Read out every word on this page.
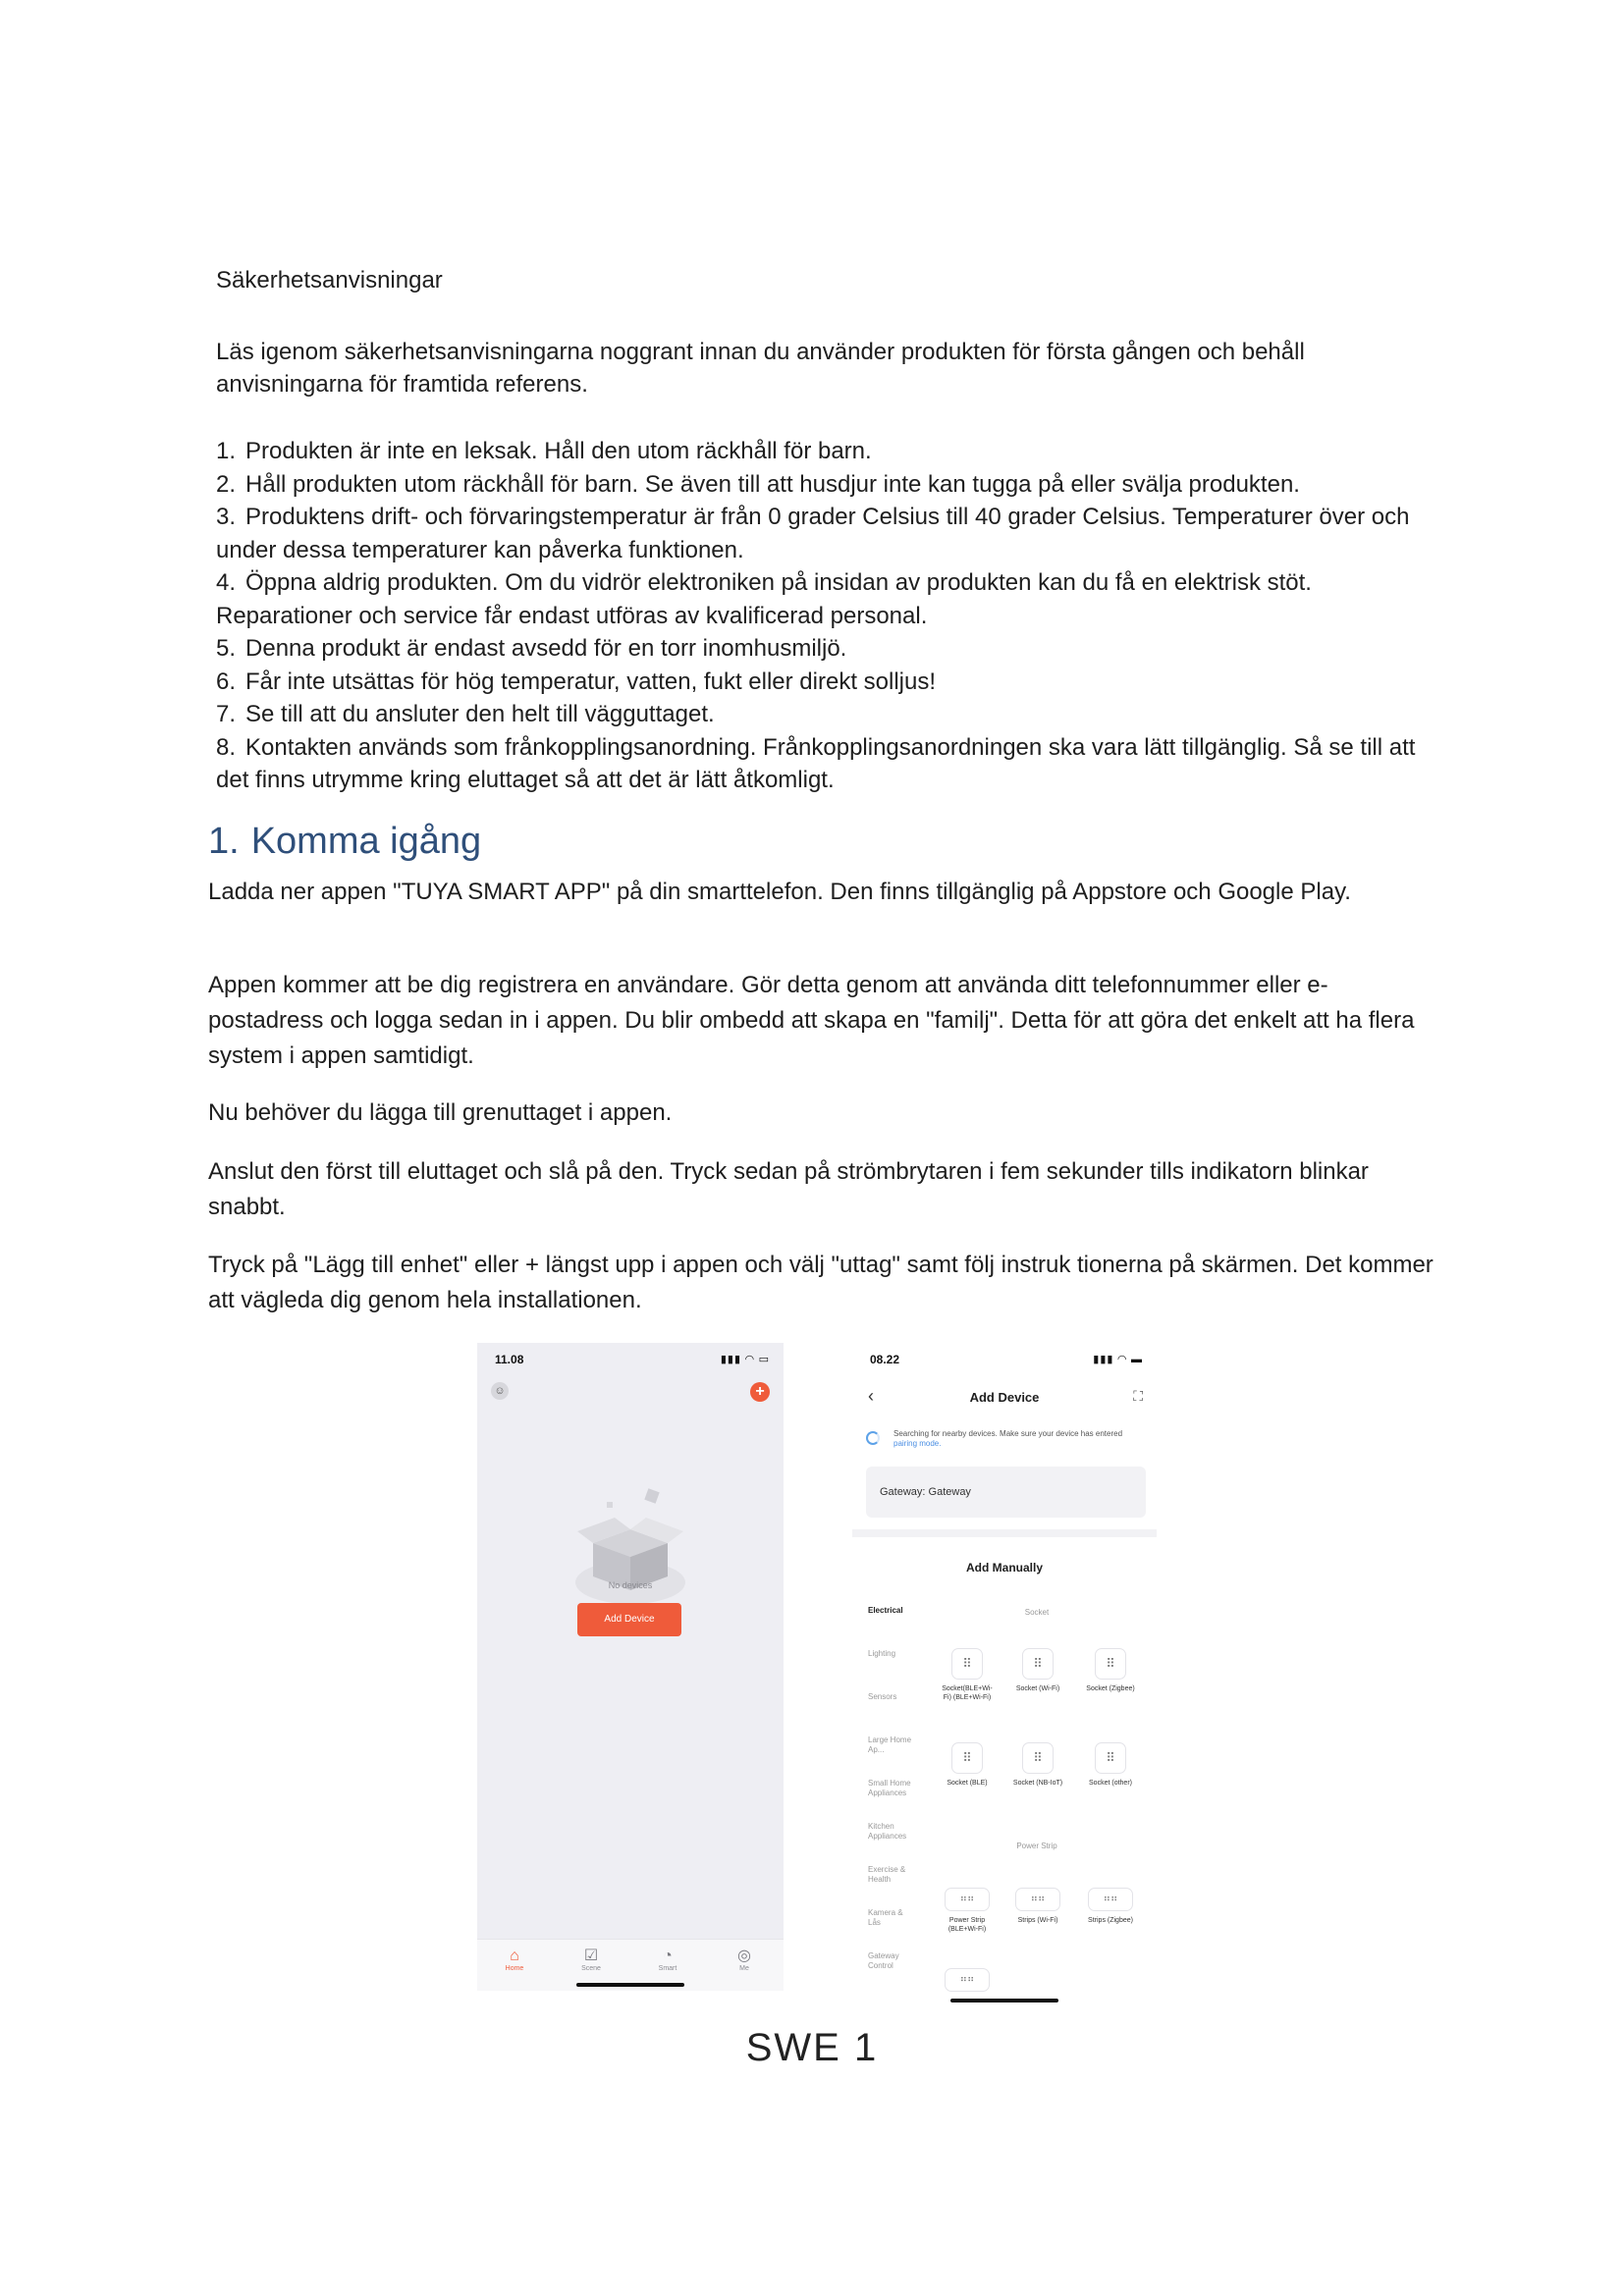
Säkerhetsanvisningar
Läs igenom säkerhetsanvisningarna noggrant innan du använder produkten för första gången och behåll anvisningarna för framtida referens.
1. Produkten är inte en leksak. Håll den utom räckhåll för barn.
2. Håll produkten utom räckhåll för barn. Se även till att husdjur inte kan tugga på eller svälja produkten.
3. Produktens drift- och förvaringstemperatur är från 0 grader Celsius till 40 grader Celsius. Temperaturer över och under dessa temperaturer kan påverka funktionen.
4. Öppna aldrig produkten. Om du vidrör elektroniken på insidan av produkten kan du få en elektrisk stöt. Reparationer och service får endast utföras av kvalificerad personal.
5. Denna produkt är endast avsedd för en torr inomhusmiljö.
6. Får inte utsättas för hög temperatur, vatten, fukt eller direkt solljus!
7. Se till att du ansluter den helt till vägguttaget.
8. Kontakten används som frånkopplingsanordning. Frånkopplingsanordningen ska vara lätt tillgänglig. Så se till att det finns utrymme kring eluttaget så att det är lätt åtkomligt.
1. Komma igång

Ladda ner appen "TUYA SMART APP" på din smarttelefon. Den finns tillgänglig på Appstore och Google Play.

Appen kommer att be dig registrera en användare. Gör detta genom att använda ditt telefonnummer eller e-postadress och logga sedan in i appen. Du blir ombedd att skapa en "familj". Detta för att göra det enkelt att ha flera system i appen samtidigt.

Nu behöver du lägga till grenuttaget i appen.

Anslut den först till eluttaget och slå på den. Tryck sedan på strömbrytaren i fem sekunder tills indikatorn blinkar snabbt.

Tryck på "Lägg till enhet" eller + längst upp i appen och välj "uttag" samt följ instruk tionerna på skärmen. Det kommer att vägleda dig genom hela installationen.

11.08	▮▮▮ ◠ ▭
☺	+
No devices
Add Device
⌂
Home
☑
Scene
◔
Smart
◎
Me
08.22	▮▮▮ ◠ ▬
‹	Add Device	⛶
Searching for nearby devices. Make sure your device has entered pairing mode.
Gateway: Gateway
Add Manually
Electrical
Lighting
Sensors
Large Home Ap...
Small Home Appliances
Kitchen Appliances
Exercise & Health
Kamera & Lås
Gateway Control
Socket
⠿
Socket(BLE+Wi-Fi) (BLE+Wi-Fi)
⠿
Socket (Wi-Fi)
⠿
Socket (Zigbee)
⠿
Socket (BLE)
⠿
Socket (NB-IoT)
⠿
Socket (other)
Power Strip
⠶⠶
Power Strip (BLE+Wi-Fi)
⠶⠶
Strips (Wi-Fi)
⠶⠶
Strips (Zigbee)
⠶⠶
SWE 1
